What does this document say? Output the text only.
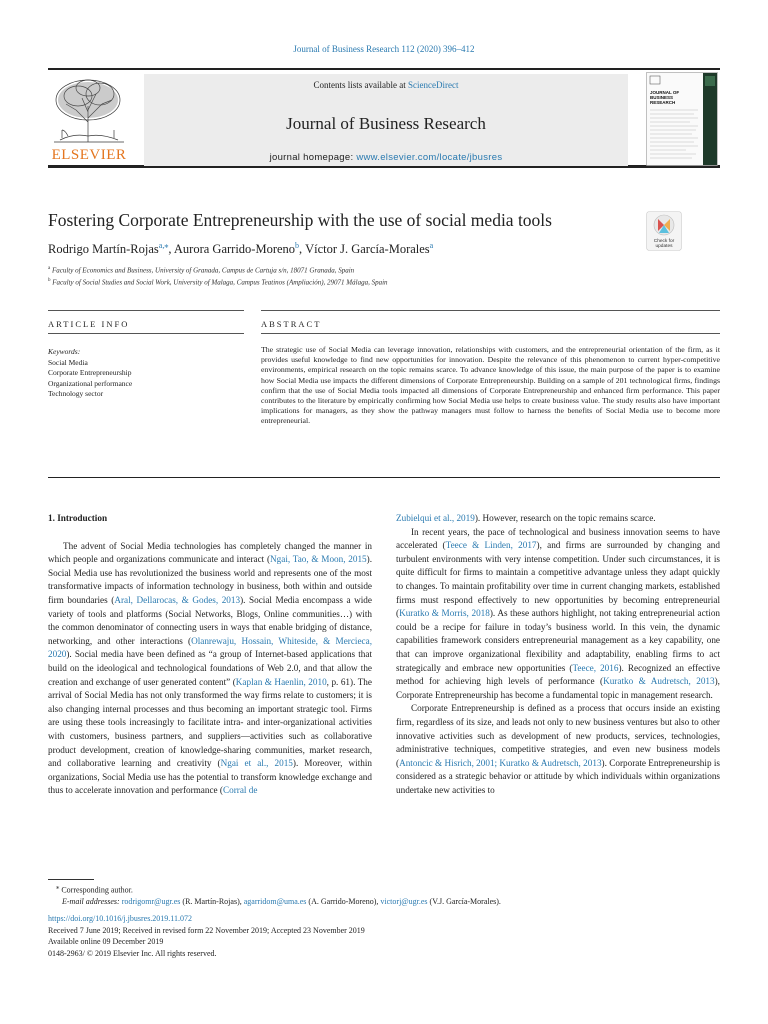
Journal of Business Research 112 (2020) 396–412
ELSEVIER
Contents lists available at ScienceDirect
Journal of Business Research
journal homepage: www.elsevier.com/locate/jbusres
JOURNAL OF
BUSINESS
RESEARCH
Fostering Corporate Entrepreneurship with the use of social media tools
Check for
updates
Rodrigo Martín-Rojas$^{a,⁎}$, Aurora Garrido-Moreno$^b$, Víctor J. García-Morales$^a$
$^a$ Faculty of Economics and Business, University of Granada, Campus de Cartuja s/n, 18071 Granada, Spain
$^b$ Faculty of Social Studies and Social Work, University of Malaga, Campus Teatinos (Ampliación), 29071 Málaga, Spain
ARTICLE INFO	ABSTRACT
Keywords:
Social Media
Corporate Entrepreneurship
Organizational performance
Technology sector
The strategic use of Social Media can leverage innovation, relationships with customers, and the entrepreneurial orientation of the firm, as it provides useful knowledge to find new opportunities for innovation. Despite the relevance of this phenomenon to current hyper-competitive environments, empirical research on the topic remains scarce. To advance knowledge of this issue, the main purpose of the paper is to examine how Social Media use impacts the different dimensions of Corporate Entrepreneurship. Building on a sample of 201 technological firms, findings confirm that the use of Social Media tools impacted all dimensions of Corporate Entrepreneurship and enhanced firm performance. This paper contributes to the literature by empirically confirming how Social Media use helps to create business value. The study results also have important implications for managers, as they show the pathway managers must follow to harness the benefits of Social Media use to become more entrepreneurial.
1. Introduction

The advent of Social Media technologies has completely changed the manner in which people and organizations communicate and interact (Ngai, Tao, & Moon, 2015). Social Media use has revolutionized the business world and represents one of the most transformative impacts of information technology in business, both within and outside firm boundaries (Aral, Dellarocas, & Godes, 2013). Social Media encompass a wide variety of tools and platforms (Social Networks, Blogs, Online communities…) with the common denominator of connecting users in ways that enable bridging of distance, networking, and other interactions (Olanrewaju, Hossain, Whiteside, & Mercieca, 2020). Social media have been defined as “a group of Internet-based applications that build on the ideological and technological foundations of Web 2.0, and that allow the creation and exchange of user generated content” (Kaplan & Haenlin, 2010, p. 61). The arrival of Social Media has not only transformed the way firms relate to customers; it is also changing internal processes and thus becoming an important strategic tool. Firms are using these tools increasingly to facilitate intra- and inter-organizational activities with customers, business partners, and suppliers—activities such as collaborative product development, creation of knowledge-sharing communities, market research, and collaborative learning and creativity (Ngai et al., 2015). Moreover, within organizations, Social Media use has the potential to transform knowledge exchange and thus to accelerate innovation and performance (Corral de

Zubielqui et al., 2019). However, research on the topic remains scarce.

In recent years, the pace of technological and business innovation seems to have accelerated (Teece & Linden, 2017), and firms are surrounded by changing and turbulent environments with very intense competition. Under such circumstances, it is quite difficult for firms to maintain a competitive advantage unless they adapt quickly to changes. To maintain profitability over time in current changing markets, established firms must respond effectively to new opportunities by becoming entrepreneurial (Kuratko & Morris, 2018). As these authors highlight, not taking entrepreneurial action could be a recipe for failure in today’s business world. In this vein, the dynamic capabilities framework considers entrepreneurial management as a key capability, one that can improve organizational flexibility and adaptability, enabling firms to act strategically and embrace new opportunities (Teece, 2016). Recognized an effective method for achieving high levels of performance (Kuratko & Audretsch, 2013), Corporate Entrepreneurship has become a fundamental topic in management research.

Corporate Entrepreneurship is defined as a process that occurs inside an existing firm, regardless of its size, and leads not only to new business ventures but also to other innovative activities such as development of new products, services, technologies, administrative techniques, competitive strategies, and even new business models (Antoncic & Hisrich, 2001; Kuratko & Audretsch, 2013). Corporate Entrepreneurship is considered as a strategic behavior or attitude by which individuals within organizations undertake new activities to

⁎ Corresponding author.
E-mail addresses: rodrigomr@ugr.es (R. Martín-Rojas), agarridom@uma.es (A. Garrido-Moreno), victorj@ugr.es (V.J. García-Morales).
https://doi.org/10.1016/j.jbusres.2019.11.072
Received 7 June 2019; Received in revised form 22 November 2019; Accepted 23 November 2019
Available online 09 December 2019
0148-2963/ © 2019 Elsevier Inc. All rights reserved.
